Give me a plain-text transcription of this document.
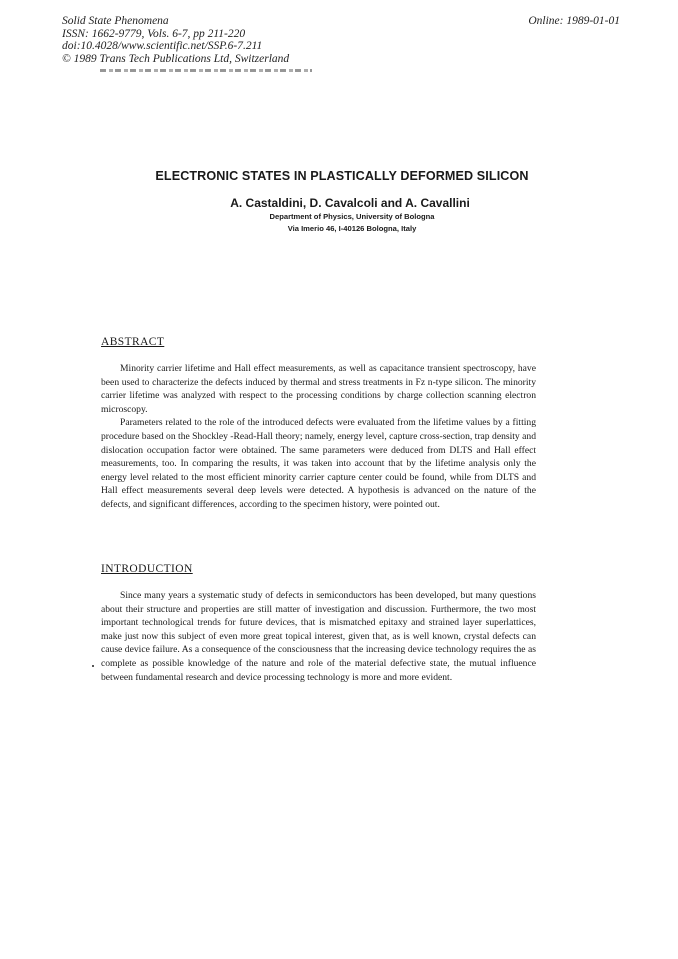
Solid State Phenomena
ISSN: 1662-9779, Vols. 6-7, pp 211-220
doi:10.4028/www.scientific.net/SSP.6-7.211
© 1989 Trans Tech Publications Ltd, Switzerland
Online: 1989-01-01
ELECTRONIC STATES IN PLASTICALLY DEFORMED SILICON
A. Castaldini, D. Cavalcoli and A. Cavallini
Department of Physics, University of Bologna
Via Imerio 46, I-40126 Bologna, Italy
ABSTRACT

Minority carrier lifetime and Hall effect measurements, as well as capacitance transient spectroscopy, have been used to characterize the defects induced by thermal and stress treatments in Fz n-type silicon. The minority carrier lifetime was analyzed with respect to the processing conditions by charge collection scanning electron microscopy.

Parameters related to the role of the introduced defects were evaluated from the lifetime values by a fitting procedure based on the Shockley -Read-Hall theory; namely, energy level, capture cross-section, trap density and dislocation occupation factor were obtained. The same parameters were deduced from DLTS and Hall effect measurements, too. In comparing the results, it was taken into account that by the lifetime analysis only the energy level related to the most efficient minority carrier capture center could be found, while from DLTS and Hall effect measurements several deep levels were detected. A hypothesis is advanced on the nature of the defects, and significant differences, according to the specimen history, were pointed out.

INTRODUCTION

Since many years a systematic study of defects in semiconductors has been developed, but many questions about their structure and properties are still matter of investigation and discussion. Furthermore, the two most important technological trends for future devices, that is mismatched epitaxy and strained layer superlattices, make just now this subject of even more great topical interest, given that, as is well known, crystal defects can cause device failure. As a consequence of the consciousness that the increasing device technology requires the as complete as possible knowledge of the nature and role of the material defective state, the mutual influence between fundamental research and device processing technology is more and more evident.
